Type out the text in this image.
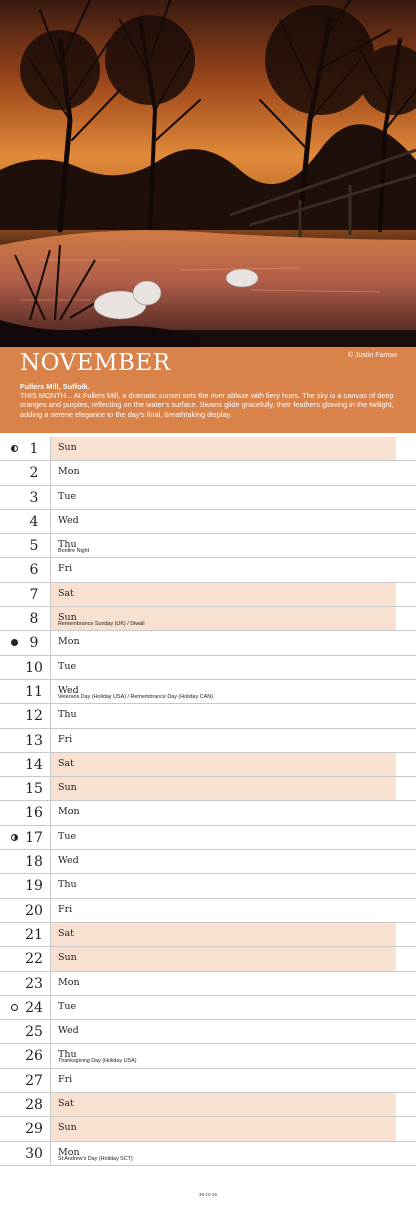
NOVEMBER	© Justin Farrow
Fullers Mill, Suffolk.
THIS MONTH... At Fullers Mill, a dramatic sunset sets the river ablaze with fiery hues. The sky is a canvas of deep oranges and purples, reflecting on the water's surface. Swans glide gracefully, their feathers glowing in the twilight, adding a serene elegance to the day's final, breathtaking display.
1	Sun
2	Mon
3	Tue
4	Wed
5	Thu
Bonfire Night
6	Fri
7	Sat
8	Sun
Remembrance Sunday (UK) / Diwali
9	Mon
10	Tue
11	Wed
Veterans Day (Holiday USA) / Remembrance Day (Holiday CAN)
12	Thu
13	Fri
14	Sat
15	Sun
16	Mon
17	Tue
18	Wed
19	Thu
20	Fri
21	Sat
22	Sun
23	Mon
24	Tue
25	Wed
26	Thu
Thanksgiving Day (Holiday USA)
27	Fri
28	Sat
29	Sun
30	Mon
St Andrew's Day (Holiday SCT)
36-10-26
